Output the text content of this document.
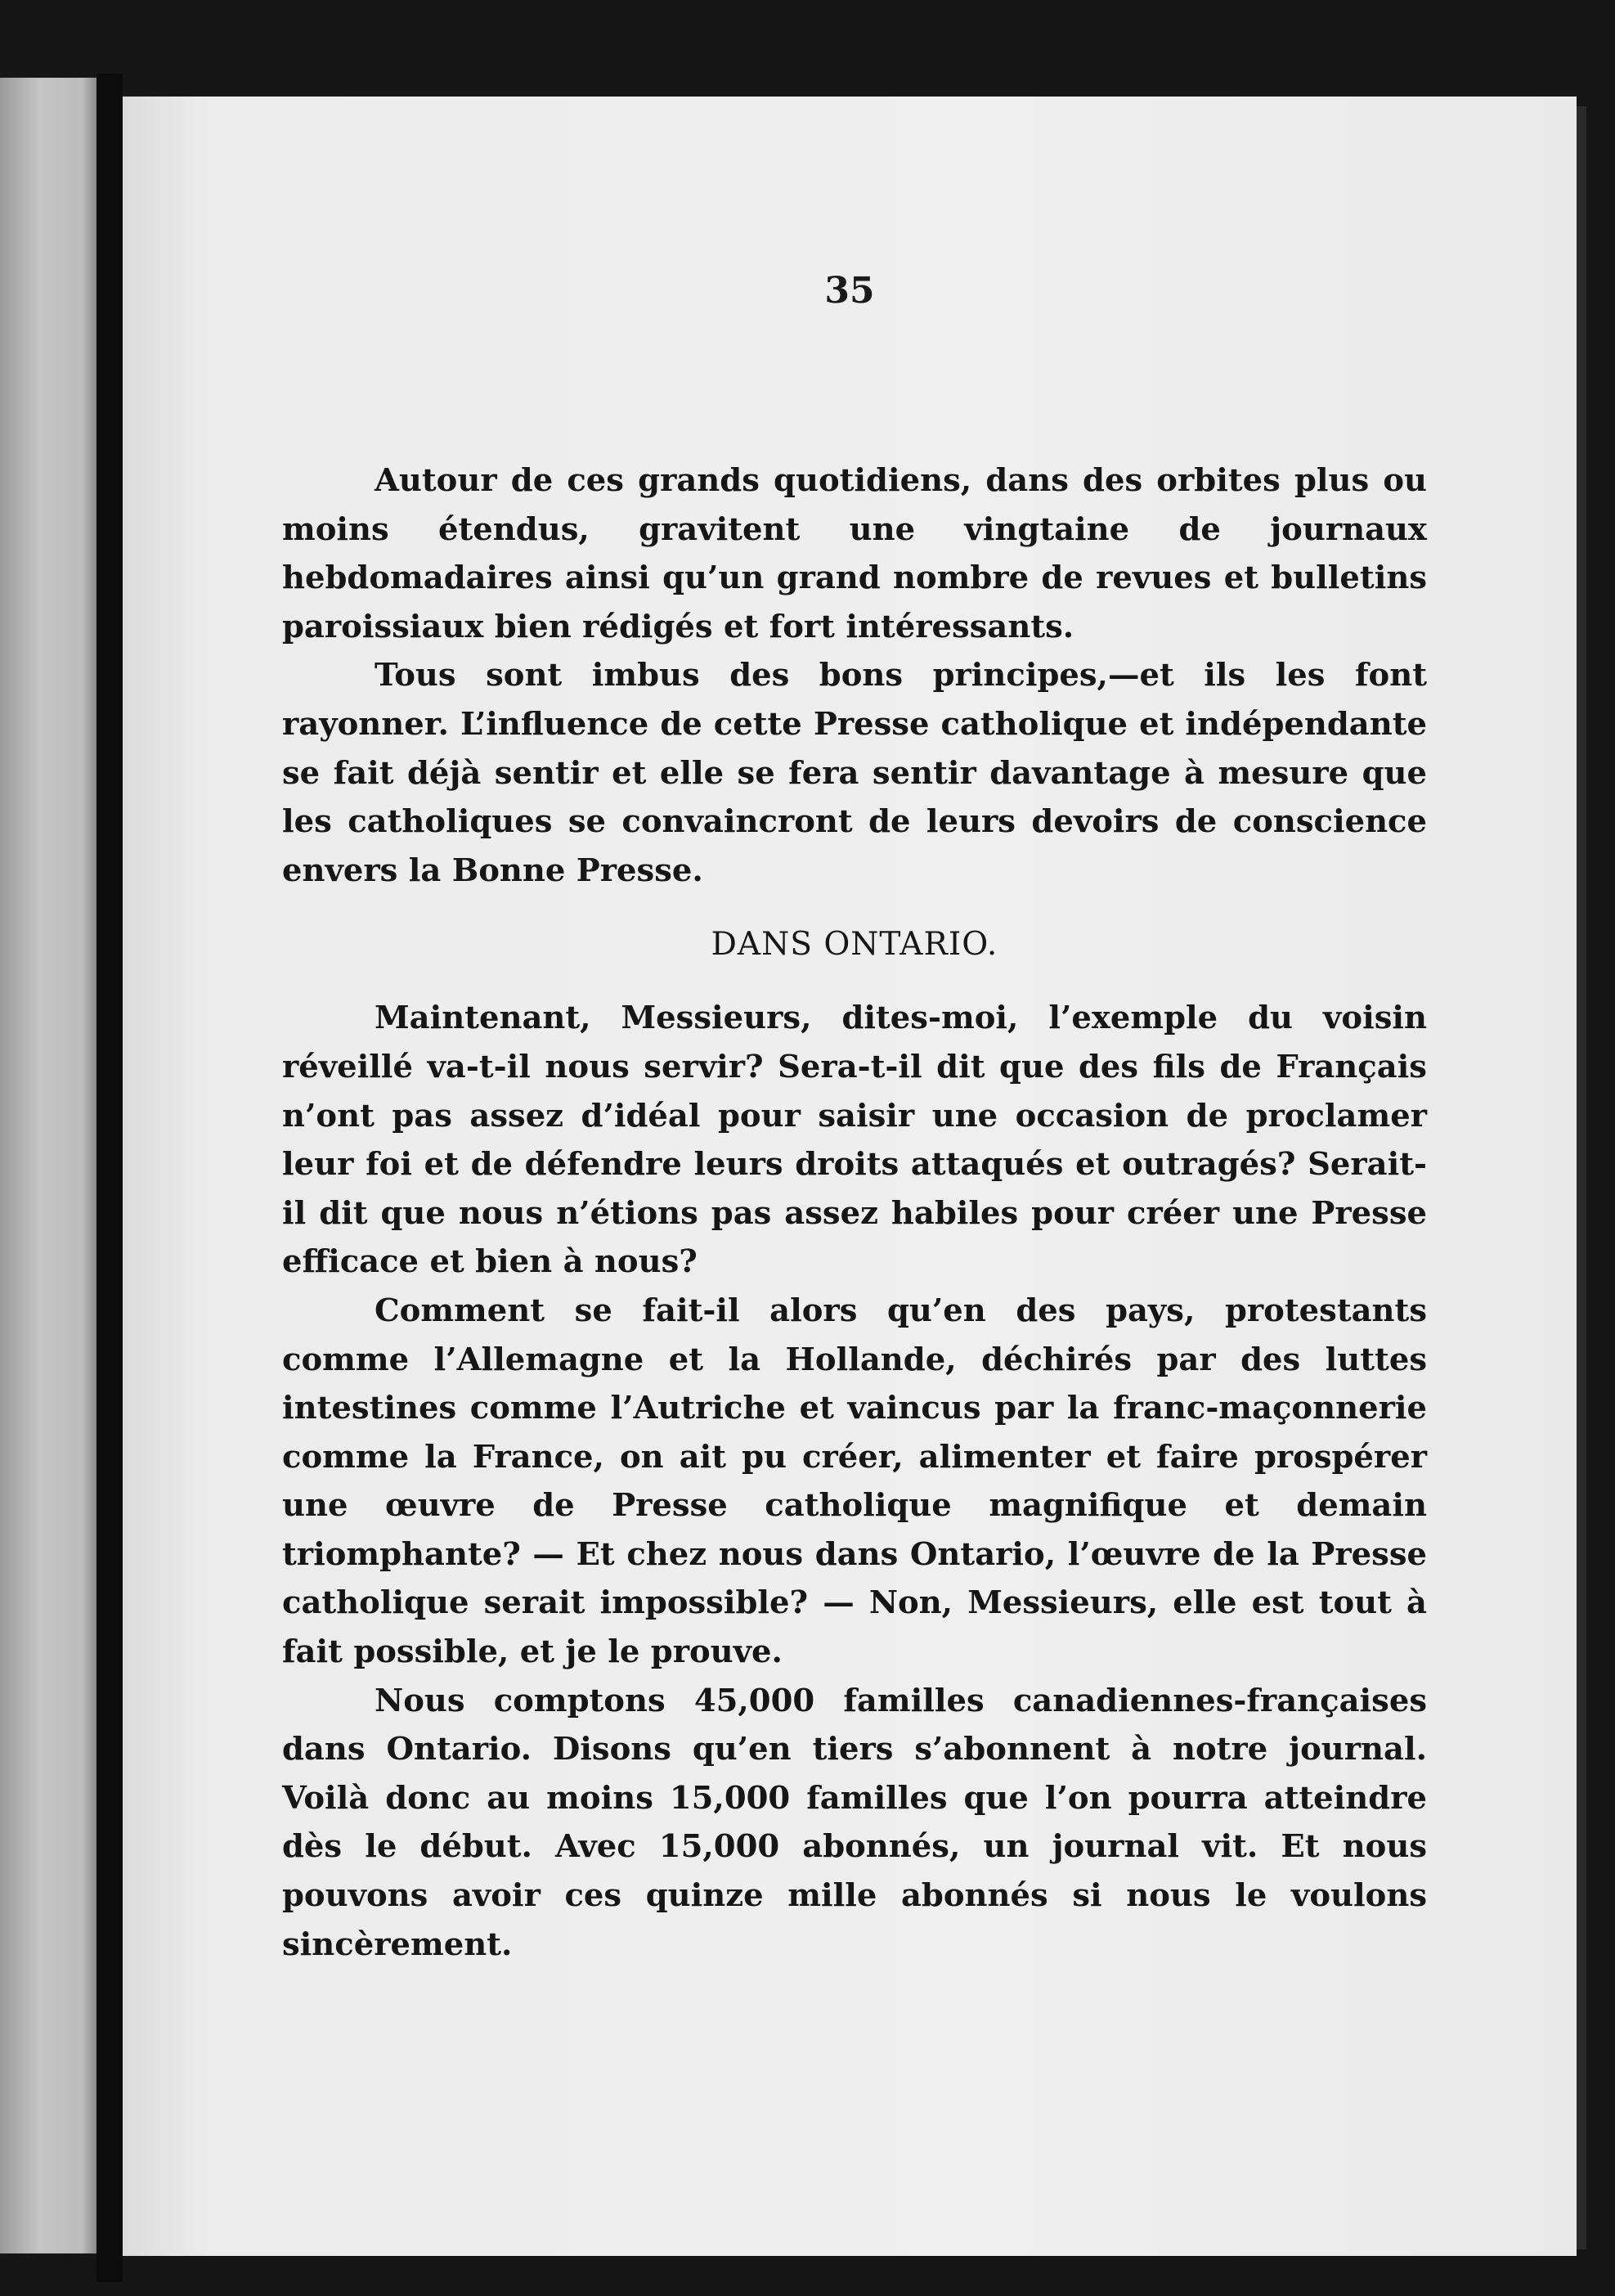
35

Autour de ces grands quotidiens, dans des orbites plus ou moins étendus, gravitent une vingtaine de journaux hebdomadaires ainsi qu’un grand nombre de revues et bulletins paroissiaux bien rédigés et fort intéressants.

Tous sont imbus des bons principes,—et ils les font rayonner. L’influence de cette Presse catholique et indépendante se fait déjà sentir et elle se fera sentir davantage à mesure que les catholiques se convaincront de leurs devoirs de conscience envers la Bonne Presse.

DANS ONTARIO.

Maintenant, Messieurs, dites-moi, l’exemple du voisin réveillé va-t-il nous servir? Sera-t-il dit que des fils de Français n’ont pas assez d’idéal pour saisir une occasion de proclamer leur foi et de défendre leurs droits attaqués et outragés? Serait-il dit que nous n’étions pas assez habiles pour créer une Presse efficace et bien à nous?

Comment se fait-il alors qu’en des pays, protestants comme l’Allemagne et la Hollande, déchirés par des luttes intestines comme l’Autriche et vaincus par la franc-maçonnerie comme la France, on ait pu créer, alimenter et faire prospérer une œuvre de Presse catholique magnifique et demain triomphante? — Et chez nous dans Ontario, l’œuvre de la Presse catholique serait impossible? — Non, Messieurs, elle est tout à fait possible, et je le prouve.

Nous comptons 45,000 familles canadiennes-françaises dans Ontario. Disons qu’en tiers s’abonnent à notre journal. Voilà donc au moins 15,000 familles que l’on pourra atteindre dès le début. Avec 15,000 abonnés, un journal vit. Et nous pouvons avoir ces quinze mille abonnés si nous le voulons sincèrement.
